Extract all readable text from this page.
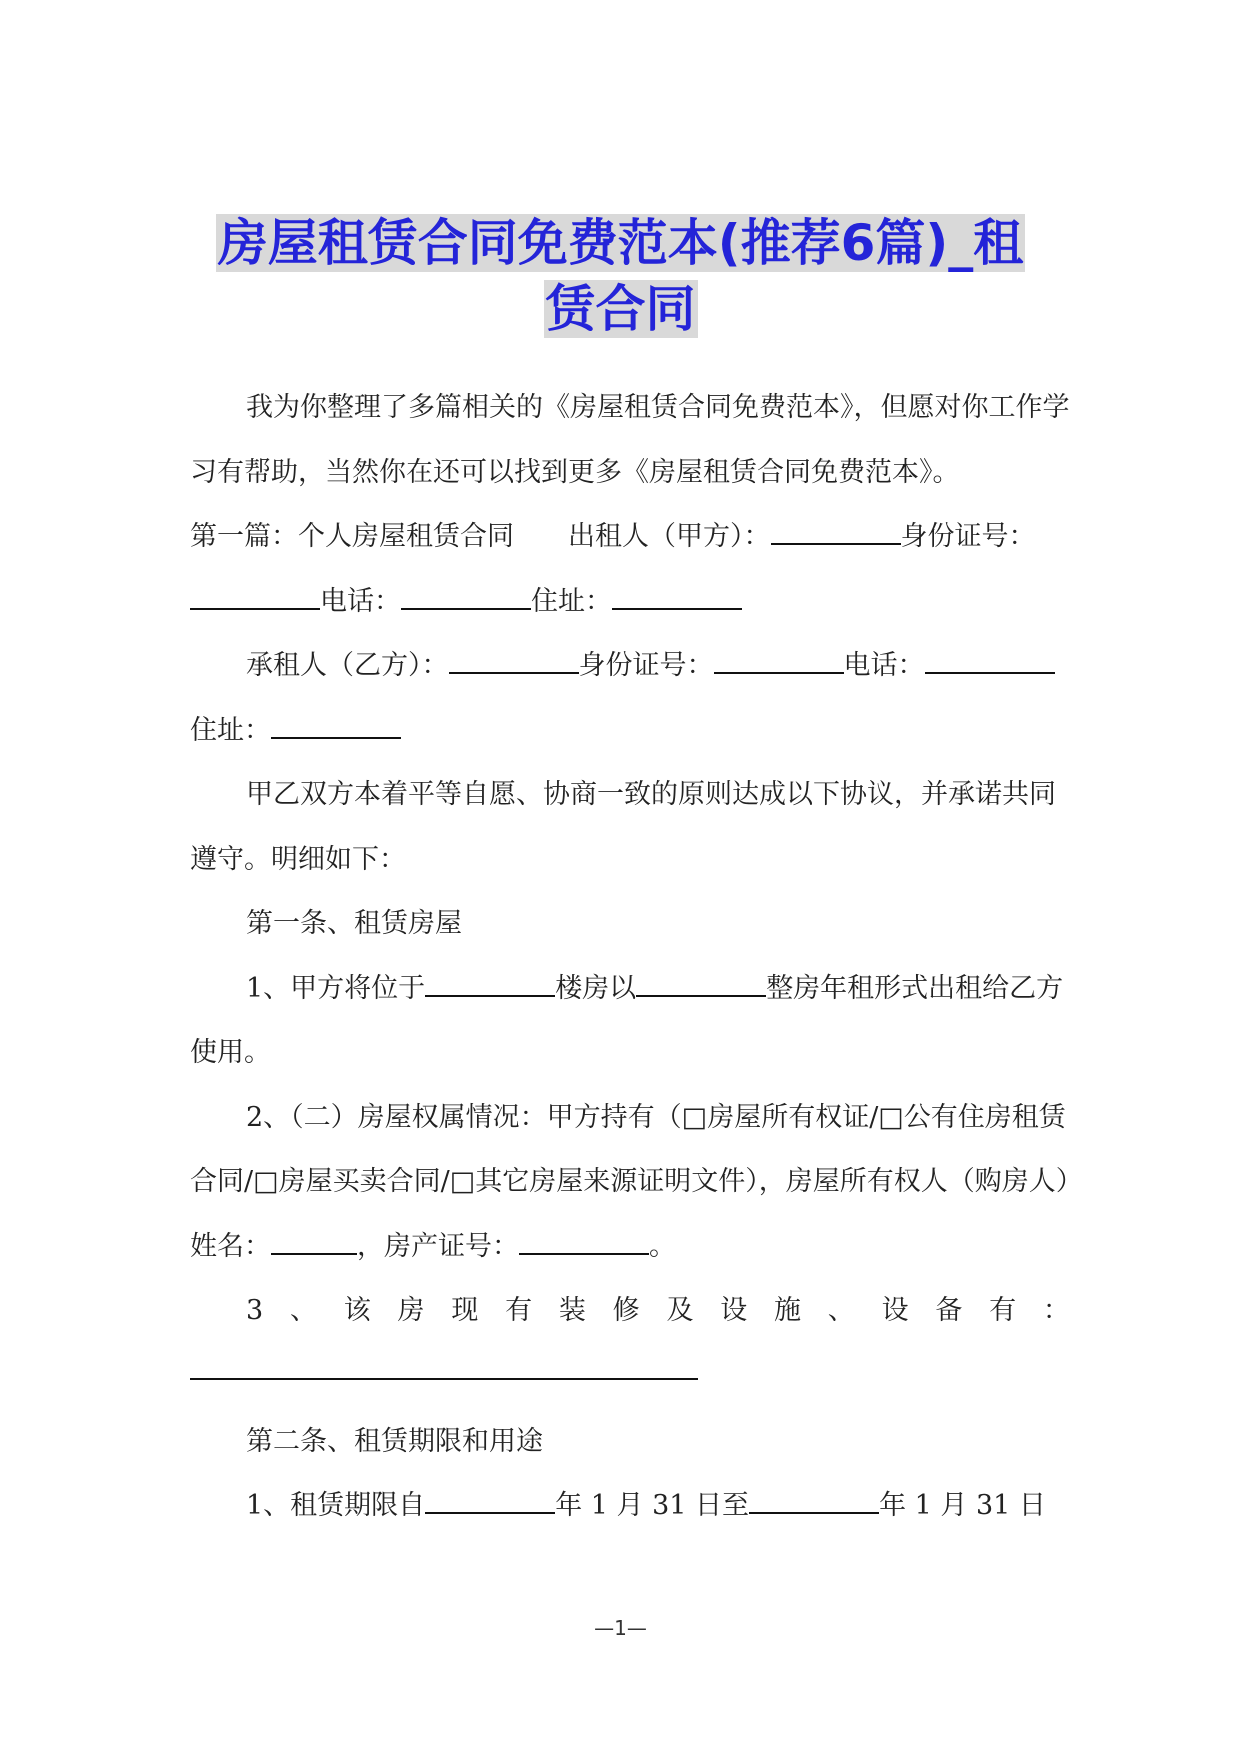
房屋租赁合同免费范本(推荐6篇)_租
赁合同

我为你整理了多篇相关的《房屋租赁合同免费范本》，但愿对你工作学习有帮助，当然你在还可以找到更多《房屋租赁合同免费范本》。

第一篇：个人房屋租赁合同　　出租人（甲方）：	身份证号：电话：	住址：

承租人（乙方）：	身份证号：	电话：住址：

甲乙双方本着平等自愿、协商一致的原则达成以下协议，并承诺共同遵守。明细如下：

第一条、租赁房屋

1、甲方将位于	楼房以	整房年租形式出租给乙方使用。

2、（二）房屋权属情况：甲方持有（□房屋所有权证/□公有住房租赁合同/□房屋买卖合同/□其它房屋来源证明文件），房屋所有权人（购房人）姓名：	，房产证号：	。

3 、 该 房 现 有 装 修 及 设 施 、 设 备 有 ：

第二条、租赁期限和用途

1、租赁期限自	年 1 月 31 日至	年 1 月 31 日

—1—
